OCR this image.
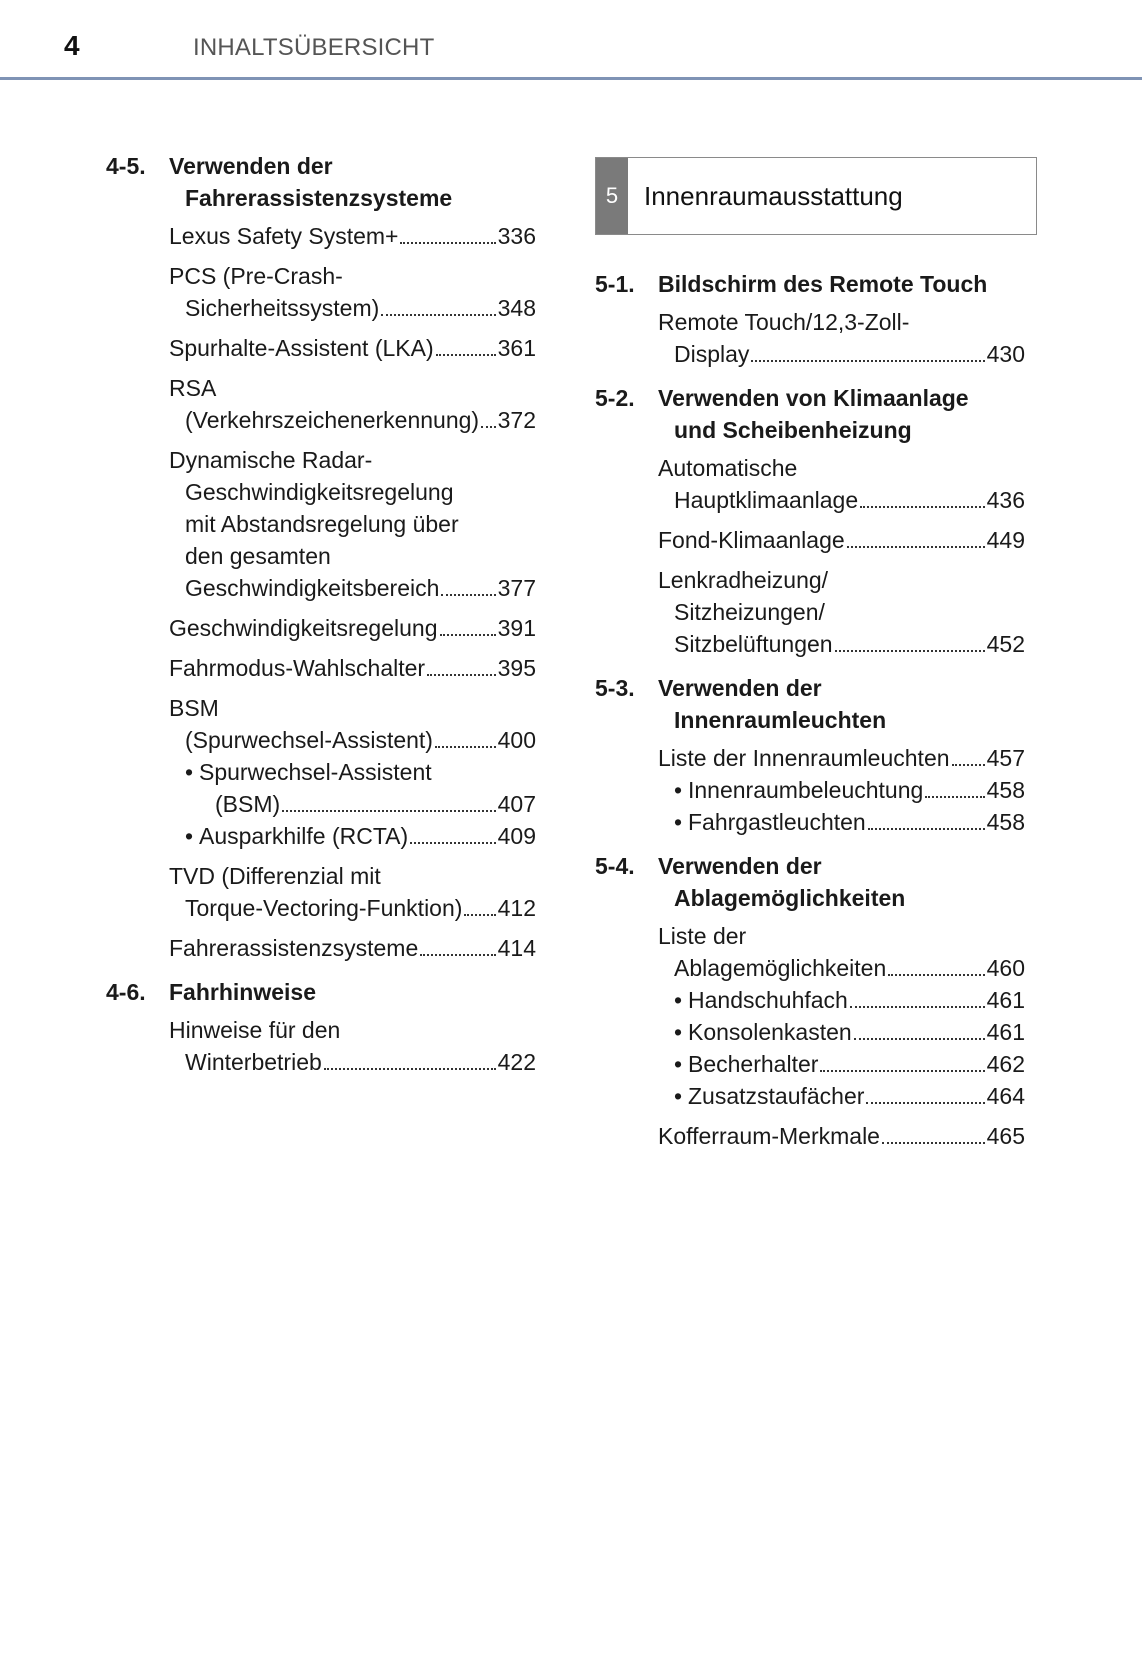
4	INHALTSÜBERSICHT
4-5.	Verwenden der
Fahrerassistenzsysteme
Lexus Safety System+	336
PCS (Pre-Crash-
Sicherheitssystem)	348
Spurhalte-Assistent (LKA)	361
RSA
(Verkehrszeichenerkennung) 372
Dynamische Radar-
Geschwindigkeitsregelung
mit Abstandsregelung über
den gesamten
Geschwindigkeitsbereich	377
Geschwindigkeitsregelung	391
Fahrmodus-Wahlschalter	395
BSM
(Spurwechsel-Assistent)	400
• Spurwechsel-Assistent
(BSM)	407
• Ausparkhilfe (RCTA)	409
TVD (Differenzial mit
Torque-Vectoring-Funktion) 412
Fahrerassistenzsysteme	414
4-6.	Fahrhinweise
Hinweise für den
Winterbetrieb	422
5 Innenraumausstattung
5-1.	Bildschirm des Remote Touch
Remote Touch/12,3-Zoll-
Display	430
5-2.	Verwenden von Klimaanlage
und Scheibenheizung
Automatische
Hauptklimaanlage	436
Fond-Klimaanlage	449
Lenkradheizung/
Sitzheizungen/
Sitzbelüftungen	452
5-3.	Verwenden der
Innenraumleuchten
Liste der Innenraumleuchten 457
• Innenraumbeleuchtung	458
• Fahrgastleuchten	458
5-4.	Verwenden der
Ablagemöglichkeiten
Liste der
Ablagemöglichkeiten	460
• Handschuhfach	461
• Konsolenkasten	461
• Becherhalter	462
• Zusatzstaufächer	464
Kofferraum-Merkmale	465
